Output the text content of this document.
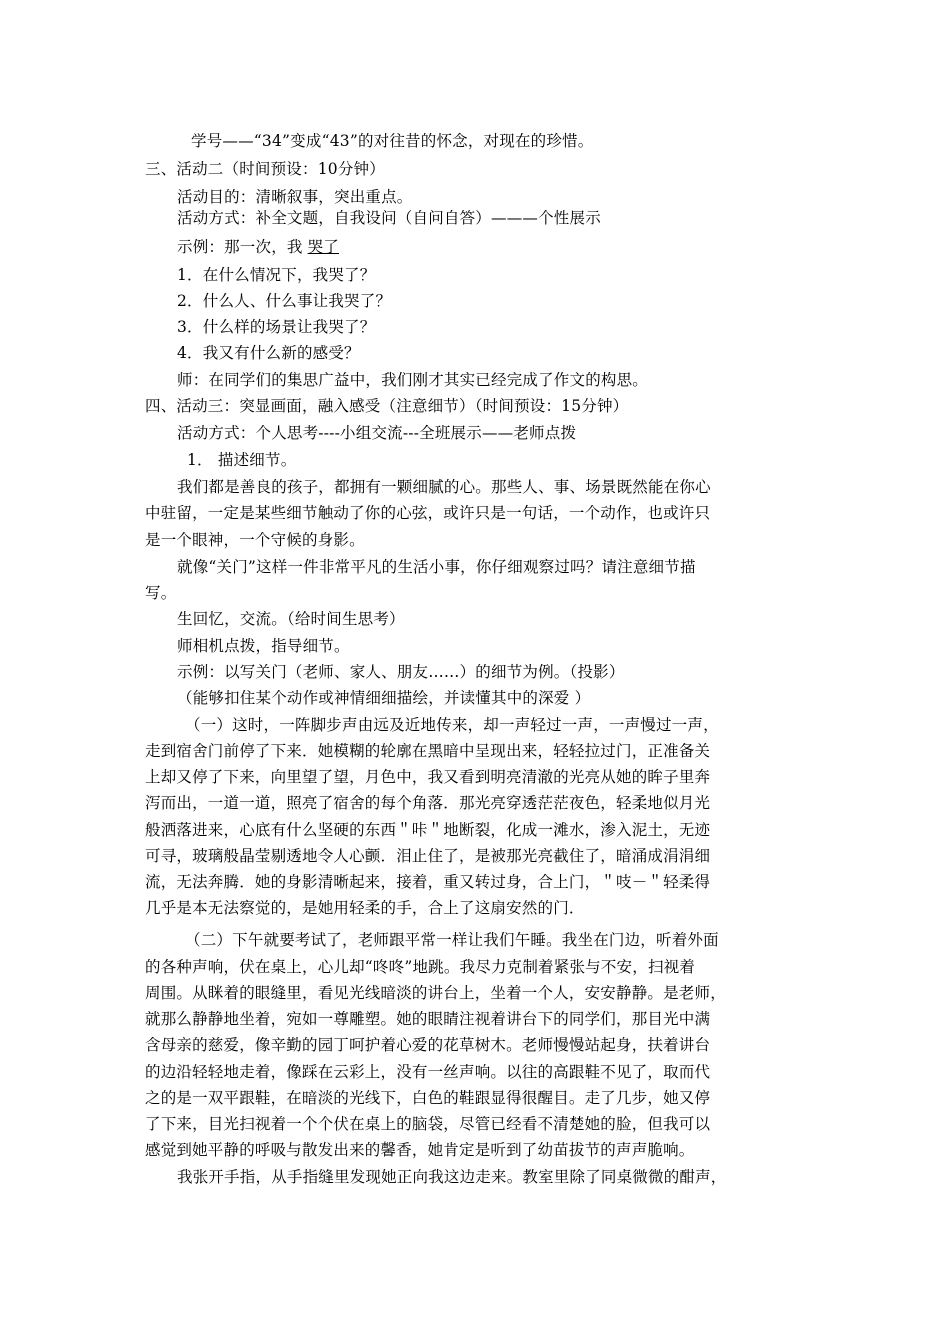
学号——“34”变成“43”的对往昔的怀念，对现在的珍惜。
三、活动二（时间预设：10分钟）
活动目的：清晰叙事，突出重点。
活动方式：补全文题，自我设问（自问自答）———个性展示
示例：那一次，我 哭了
1．在什么情况下，我哭了？
2．什么人、什么事让我哭了？
3．什么样的场景让我哭了？
4．我又有什么新的感受？
师：在同学们的集思广益中，我们刚才其实已经完成了作文的构思。
四、活动三：突显画面，融入感受（注意细节）（时间预设：15分钟）
活动方式：个人思考----小组交流---全班展示——老师点拨
1． 描述细节。
我们都是善良的孩子，都拥有一颗细腻的心。那些人、事、场景既然能在你心
中驻留，一定是某些细节触动了你的心弦，或许只是一句话，一个动作，也或许只
是一个眼神，一个守候的身影。
就像“关门”这样一件非常平凡的生活小事，你仔细观察过吗？请注意细节描
写。
生回忆，交流。（给时间生思考）
师相机点拨，指导细节。
示例：以写关门（老师、家人、朋友……）的细节为例。（投影）
（能够扣住某个动作或神情细细描绘，并读懂其中的深爱 ）
（一）这时，一阵脚步声由远及近地传来，却一声轻过一声，一声慢过一声，
走到宿舍门前停了下来．她模糊的轮廓在黑暗中呈现出来，轻轻拉过门，正准备关
上却又停了下来，向里望了望，月色中，我又看到明亮清澈的光亮从她的眸子里奔
泻而出，一道一道，照亮了宿舍的每个角落．那光亮穿透茫茫夜色，轻柔地似月光
般洒落进来，心底有什么坚硬的东西＂咔＂地断裂，化成一滩水，渗入泥土，无迹
可寻，玻璃般晶莹剔透地令人心颤．泪止住了，是被那光亮截住了，暗涌成涓涓细
流，无法奔腾．她的身影清晰起来，接着，重又转过身，合上门，＂吱－＂轻柔得
几乎是本无法察觉的，是她用轻柔的手，合上了这扇安然的门．
（二）下午就要考试了，老师跟平常一样让我们午睡。我坐在门边，听着外面
的各种声响，伏在桌上，心儿却“咚咚”地跳。我尽力克制着紧张与不安，扫视着
周围。从眯着的眼缝里，看见光线暗淡的讲台上，坐着一个人，安安静静。是老师，
就那么静静地坐着，宛如一尊雕塑。她的眼睛注视着讲台下的同学们，那目光中满
含母亲的慈爱，像辛勤的园丁呵护着心爱的花草树木。老师慢慢站起身，扶着讲台
的边沿轻轻地走着，像踩在云彩上，没有一丝声响。以往的高跟鞋不见了，取而代
之的是一双平跟鞋，在暗淡的光线下，白色的鞋跟显得很醒目。走了几步，她又停
了下来，目光扫视着一个个伏在桌上的脑袋，尽管已经看不清楚她的脸，但我可以
感觉到她平静的呼吸与散发出来的馨香，她肯定是听到了幼苗拔节的声声脆响。
我张开手指，从手指缝里发现她正向我这边走来。教室里除了同桌微微的酣声，
